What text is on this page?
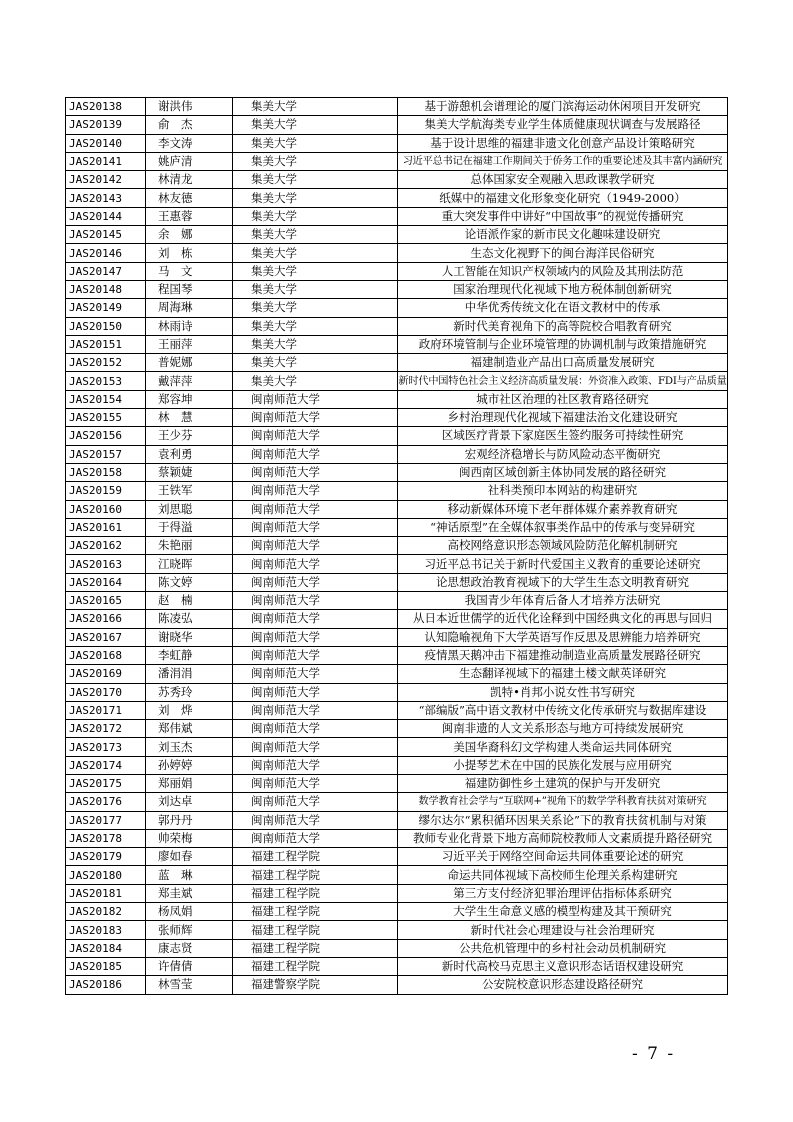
JAS20138	谢洪伟	集美大学	基于游憩机会谱理论的厦门滨海运动休闲项目开发研究
JAS20139	俞　杰	集美大学	集美大学航海类专业学生体质健康现状调查与发展路径
JAS20140	李文涛	集美大学	基于设计思维的福建非遗文化创意产品设计策略研究
JAS20141	姚庐清	集美大学	习近平总书记在福建工作期间关于侨务工作的重要论述及其丰富内涵研究
JAS20142	林清龙	集美大学	总体国家安全观融入思政课教学研究
JAS20143	林友德	集美大学	纸媒中的福建文化形象变化研究（1949-2000）
JAS20144	王惠蓉	集美大学	重大突发事件中讲好“中国故事”的视觉传播研究
JAS20145	余　娜	集美大学	论语派作家的新市民文化趣味建设研究
JAS20146	刘　栋	集美大学	生态文化视野下的闽台海洋民俗研究
JAS20147	马　文	集美大学	人工智能在知识产权领域内的风险及其刑法防范
JAS20148	程国琴	集美大学	国家治理现代化视域下地方税体制创新研究
JAS20149	周海琳	集美大学	中华优秀传统文化在语文教材中的传承
JAS20150	林雨诗	集美大学	新时代美育视角下的高等院校合唱教育研究
JAS20151	王丽萍	集美大学	政府环境管制与企业环境管理的协调机制与政策措施研究
JAS20152	普妮娜	集美大学	福建制造业产品出口高质量发展研究
JAS20153	戴萍萍	集美大学	新时代中国特色社会主义经济高质量发展：外资准入政策、FDI与产品质量
JAS20154	郑容坤	闽南师范大学	城市社区治理的社区教育路径研究
JAS20155	林　慧	闽南师范大学	乡村治理现代化视域下福建法治文化建设研究
JAS20156	王少芬	闽南师范大学	区域医疗背景下家庭医生签约服务可持续性研究
JAS20157	袁利勇	闽南师范大学	宏观经济稳增长与防风险动态平衡研究
JAS20158	蔡颖婕	闽南师范大学	闽西南区域创新主体协同发展的路径研究
JAS20159	王铁军	闽南师范大学	社科类预印本网站的构建研究
JAS20160	刘思聪	闽南师范大学	移动新媒体环境下老年群体媒介素养教育研究
JAS20161	于得溢	闽南师范大学	“神话原型”在全媒体叙事类作品中的传承与变异研究
JAS20162	朱艳丽	闽南师范大学	高校网络意识形态领域风险防范化解机制研究
JAS20163	江晓晖	闽南师范大学	习近平总书记关于新时代爱国主义教育的重要论述研究
JAS20164	陈文婷	闽南师范大学	论思想政治教育视域下的大学生生态文明教育研究
JAS20165	赵　楠	闽南师范大学	我国青少年体育后备人才培养方法研究
JAS20166	陈凌弘	闽南师范大学	从日本近世儒学的近代化诠释到中国经典文化的再思与回归
JAS20167	谢晓华	闽南师范大学	认知隐喻视角下大学英语写作反思及思辨能力培养研究
JAS20168	李虹静	闽南师范大学	疫情黑天鹅冲击下福建推动制造业高质量发展路径研究
JAS20169	潘涓涓	闽南师范大学	生态翻译视域下的福建土楼文献英译研究
JAS20170	苏秀玲	闽南师范大学	凯特•肖邦小说女性书写研究
JAS20171	刘　烨	闽南师范大学	“部编版”高中语文教材中传统文化传承研究与数据库建设
JAS20172	郑伟斌	闽南师范大学	闽南非遗的人文关系形态与地方可持续发展研究
JAS20173	刘玉杰	闽南师范大学	美国华裔科幻文学构建人类命运共同体研究
JAS20174	孙婷婷	闽南师范大学	小提琴艺术在中国的民族化发展与应用研究
JAS20175	郑丽娟	闽南师范大学	福建防御性乡土建筑的保护与开发研究
JAS20176	刘达卓	闽南师范大学	数学教育社会学与“互联网+”视角下的数学学科教育扶贫对策研究
JAS20177	郭丹丹	闽南师范大学	缪尔达尔“累积循环因果关系论”下的教育扶贫机制与对策
JAS20178	帅荣梅	闽南师范大学	教师专业化背景下地方高师院校教师人文素质提升路径研究
JAS20179	廖如春	福建工程学院	习近平关于网络空间命运共同体重要论述的研究
JAS20180	蓝　琳	福建工程学院	命运共同体视域下高校师生伦理关系构建研究
JAS20181	郑圭斌	福建工程学院	第三方支付经济犯罪治理评估指标体系研究
JAS20182	杨凤娟	福建工程学院	大学生生命意义感的模型构建及其干预研究
JAS20183	张师辉	福建工程学院	新时代社会心理建设与社会治理研究
JAS20184	康志贤	福建工程学院	公共危机管理中的乡村社会动员机制研究
JAS20185	许倩倩	福建工程学院	新时代高校马克思主义意识形态话语权建设研究
JAS20186	林雪莹	福建警察学院	公安院校意识形态建设路径研究
- 7 -
